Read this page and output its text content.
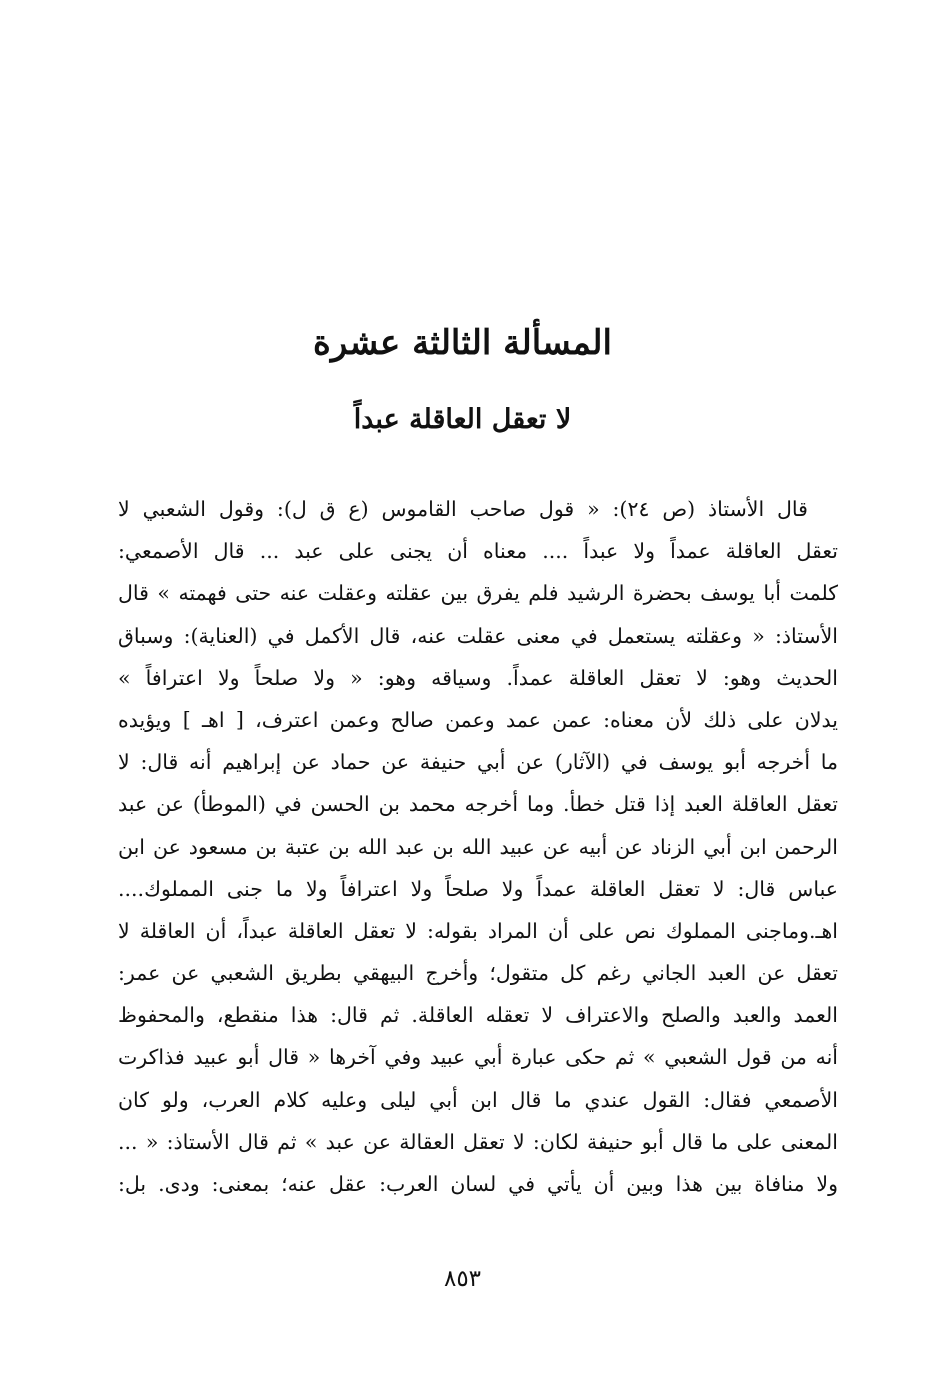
المسألة الثالثة عشرة
لا تعقل العاقلة عبداً
قال الأستاذ (ص ٢٤): « قول صاحب القاموس (ع ق ل): وقول الشعبي لا
تعقل العاقلة عمداً ولا عبداً .... معناه أن يجنى على عبد ... قال الأصمعي:
كلمت أبا يوسف بحضرة الرشيد فلم يفرق بين عقلته وعقلت عنه حتى فهمته » قال
الأستاذ: « وعقلته يستعمل في معنى عقلت عنه، قال الأكمل في (العناية): وسباق
الحديث وهو: لا تعقل العاقلة عمداً. وسياقه وهو: « ولا صلحاً ولا اعترافاً »
يدلان على ذلك لأن معناه: عمن عمد وعمن صالح وعمن اعترف، [ اهـ ] ويؤيده
ما أخرجه أبو يوسف في (الآثار) عن أبي حنيفة عن حماد عن إبراهيم أنه قال: لا
تعقل العاقلة العبد إذا قتل خطأ. وما أخرجه محمد بن الحسن في (الموطأ) عن عبد
الرحمن ابن أبي الزناد عن أبيه عن عبيد الله بن عبد الله بن عتبة بن مسعود عن ابن
عباس قال: لا تعقل العاقلة عمداً ولا صلحاً ولا اعترافاً ولا ما جنى المملوك....
اهـ.وماجنى المملوك نص على أن المراد بقوله: لا تعقل العاقلة عبداً، أن العاقلة لا
تعقل عن العبد الجاني رغم كل متقول؛ وأخرج البيهقي بطريق الشعبي عن عمر:
العمد والعبد والصلح والاعتراف لا تعقله العاقلة. ثم قال: هذا منقطع، والمحفوظ
أنه من قول الشعبي » ثم حكى عبارة أبي عبيد وفي آخرها « قال أبو عبيد فذاكرت
الأصمعي فقال: القول عندي ما قال ابن أبي ليلى وعليه كلام العرب، ولو كان
المعنى على ما قال أبو حنيفة لكان: لا تعقل العقالة عن عبد » ثم قال الأستاذ: « ...
ولا منافاة بين هذا وبين أن يأتي في لسان العرب: عقل عنه؛ بمعنى: ودى. بل:
٨٥٣
